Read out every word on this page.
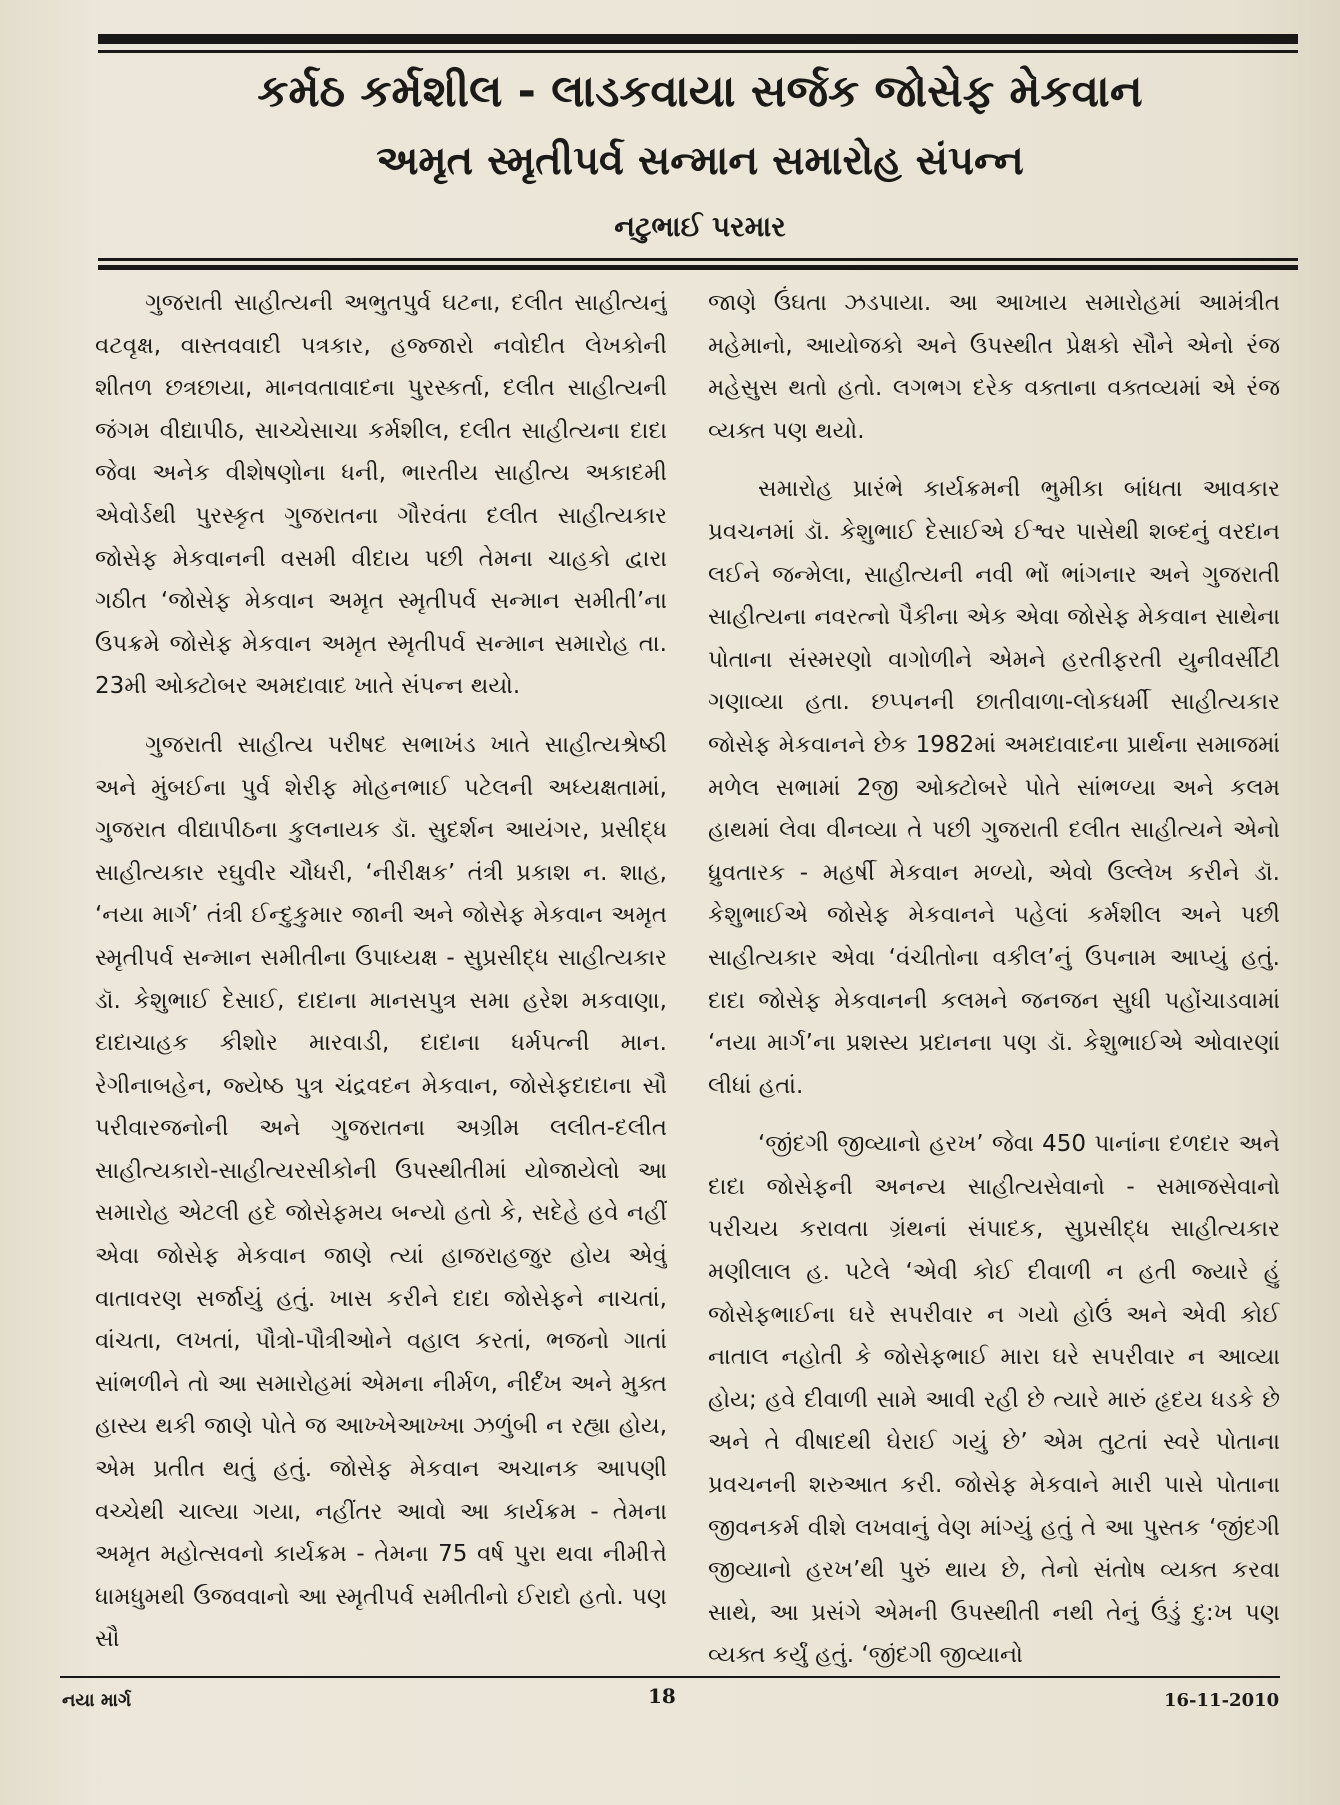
કર્મઠ કર્મશીલ - લાડકવાયા સર્જક જોસેફ મેકવાન
અમૃત સ્મૃતીપર્વ સન્માન સમારોહ સંપન્ન
નટુભાઈ પરમાર

ગુજરાતી સાહીત્યની અભુતપુર્વ ઘટના, દલીત સાહીત્યનું વટવૃક્ષ, વાસ્તવવાદી પત્રકાર, હજ્જારો નવોદીત લેખકોની શીતળ છત્રછાયા, માનવતાવાદના પુરસ્કર્તા, દલીત સાહીત્યની જંગમ વીદ્યાપીઠ, સાચ્ચેસાચા કર્મશીલ, દલીત સાહીત્યના દાદા જેવા અનેક વીશેષણોના ધની, ભારતીય સાહીત્ય અકાદમી એવોર્ડથી પુરસ્કૃત ગુજરાતના ગૌરવંતા દલીત સાહીત્યકાર જોસેફ મેકવાનની વસમી વીદાય પછી તેમના ચાહકો દ્વારા ગઠીત ‘જોસેફ મેકવાન અમૃત સ્મૃતીપર્વ સન્માન સમીતી’ના ઉપક્રમે જોસેફ મેકવાન અમૃત સ્મૃતીપર્વ સન્માન સમારોહ તા. 23મી ઓક્ટોબર અમદાવાદ ખાતે સંપન્ન થયો.

ગુજરાતી સાહીત્ય પરીષદ સભાખંડ ખાતે સાહીત્યશ્રેષ્ઠી અને મુંબઈના પુર્વ શેરીફ મોહનભાઈ પટેલની અધ્યક્ષતામાં, ગુજરાત વીદ્યાપીઠના કુલનાયક ડૉ. સુદર્શન આયંગર, પ્રસીદ્ધ સાહીત્યકાર રઘુવીર ચૌધરી, ‘નીરીક્ષક’ તંત્રી પ્રકાશ ન. શાહ, ‘નયા માર્ગ’ તંત્રી ઈન્દુકુમાર જાની અને જોસેફ મેકવાન અમૃત સ્મૃતીપર્વ સન્માન સમીતીના ઉપાધ્યક્ષ - સુપ્રસીદ્ધ સાહીત્યકાર ડૉ. કેશુભાઈ દેસાઈ, દાદાના માનસપુત્ર સમા હરેશ મકવાણા, દાદાચાહક કીશોર મારવાડી, દાદાના ધર્મપત્ની માન. રેગીનાબહેન, જ્યેષ્ઠ પુત્ર ચંદ્રવદન મેકવાન, જોસેફદાદાના સૌ પરીવારજનોની અને ગુજરાતના અગ્રીમ લલીત-દલીત સાહીત્યકારો-સાહીત્યરસીકોની ઉપસ્થીતીમાં યોજાયેલો આ સમારોહ એટલી હદે જોસેફમય બન્યો હતો કે, સદેહે હવે નહીં એવા જોસેફ મેકવાન જાણે ત્યાં હાજરાહજુર હોય એવું વાતાવરણ સર્જાયું હતું. ખાસ કરીને દાદા જોસેફને નાચતાં, વાંચતા, લખતાં, પૌત્રો-પૌત્રીઓને વહાલ કરતાં, ભજનો ગાતાં સાંભળીને તો આ સમારોહમાં એમના નીર્મળ, નીર્દંખ અને મુક્ત હાસ્ય થકી જાણે પોતે જ આખ્ખેઆખ્ખા ઝળુંબી ન રહ્યા હોય, એમ પ્રતીત થતું હતું. જોસેફ મેકવાન અચાનક આપણી વચ્ચેથી ચાલ્યા ગયા, નહીંતર આવો આ કાર્યક્રમ - તેમના અમૃત મહોત્સવનો કાર્યક્રમ - તેમના 75 વર્ષ પુરા થવા નીમીત્તે ધામધુમથી ઉજવવાનો આ સ્મૃતીપર્વ સમીતીનો ઈરાદો હતો. પણ સૌ

જાણે ઉંઘતા ઝડપાયા. આ આખાય સમારોહમાં આમંત્રીત મહેમાનો, આયોજકો અને ઉપસ્થીત પ્રેક્ષકો સૌને એનો રંજ મહેસુસ થતો હતો. લગભગ દરેક વક્તાના વક્તવ્યમાં એ રંજ વ્યક્ત પણ થયો.

સમારોહ પ્રારંભે કાર્યક્રમની ભુમીકા બાંધતા આવકાર પ્રવચનમાં ડૉ. કેશુભાઈ દેસાઈએ ઈશ્વર પાસેથી શબ્દનું વરદાન લઈને જન્મેલા, સાહીત્યની નવી ભોં ભાંગનાર અને ગુજરાતી સાહીત્યના નવરત્નો પૈકીના એક એવા જોસેફ મેકવાન સાથેના પોતાના સંસ્મરણો વાગોળીને એમને હરતીફરતી યુનીવર્સીટી ગણાવ્યા હતા. છપ્પનની છાતીવાળા-લોકધર્મી સાહીત્યકાર જોસેફ મેકવાનને છેક 1982માં અમદાવાદના પ્રાર્થના સમાજમાં મળેલ સભામાં 2જી ઓક્ટોબરે પોતે સાંભળ્યા અને કલમ હાથમાં લેવા વીનવ્યા તે પછી ગુજરાતી દલીત સાહીત્યને એનો ધ્રુવતારક - મહર્ષી મેકવાન મળ્યો, એવો ઉલ્લેખ કરીને ડૉ. કેશુભાઈએ જોસેફ મેકવાનને પહેલાં કર્મશીલ અને પછી સાહીત્યકાર એવા ‘વંચીતોના વકીલ’નું ઉપનામ આપ્યું હતું. દાદા જોસેફ મેકવાનની કલમને જનજન સુધી પહોંચાડવામાં ‘નયા માર્ગ’ના પ્રશસ્ય પ્રદાનના પણ ડૉ. કેશુભાઈએ ઓવારણાં લીધાં હતાં.

‘જીંદગી જીવ્યાનો હરખ’ જેવા 450 પાનાંના દળદાર અને દાદા જોસેફની અનન્ય સાહીત્યસેવાનો - સમાજસેવાનો પરીચય કરાવતા ગ્રંથનાં સંપાદક, સુપ્રસીદ્ધ સાહીત્યકાર મણીલાલ હ. પટેલે ‘એવી કોઈ દીવાળી ન હતી જ્યારે હું જોસેફભાઈના ઘરે સપરીવાર ન ગયો હોઉં અને એવી કોઈ નાતાલ નહોતી કે જોસેફભાઈ મારા ઘરે સપરીવાર ન આવ્યા હોય; હવે દીવાળી સામે આવી રહી છે ત્યારે મારું હૃદય ધડકે છે અને તે વીષાદથી ઘેરાઈ ગયું છે’ એમ તુટતાં સ્વરે પોતાના પ્રવચનની શરુઆત કરી. જોસેફ મેકવાને મારી પાસે પોતાના જીવનકર્મ વીશે લખવાનું વેણ માંગ્યું હતું તે આ પુસ્તક ‘જીંદગી જીવ્યાનો હરખ’થી પુરું થાય છે, તેનો સંતોષ વ્યક્ત કરવા સાથે, આ પ્રસંગે એમની ઉપસ્થીતી નથી તેનું ઉંડું દુ:ખ પણ વ્યક્ત કર્યું હતું. ‘જીંદગી જીવ્યાનો

નયા માર્ગ	18	16-11-2010
